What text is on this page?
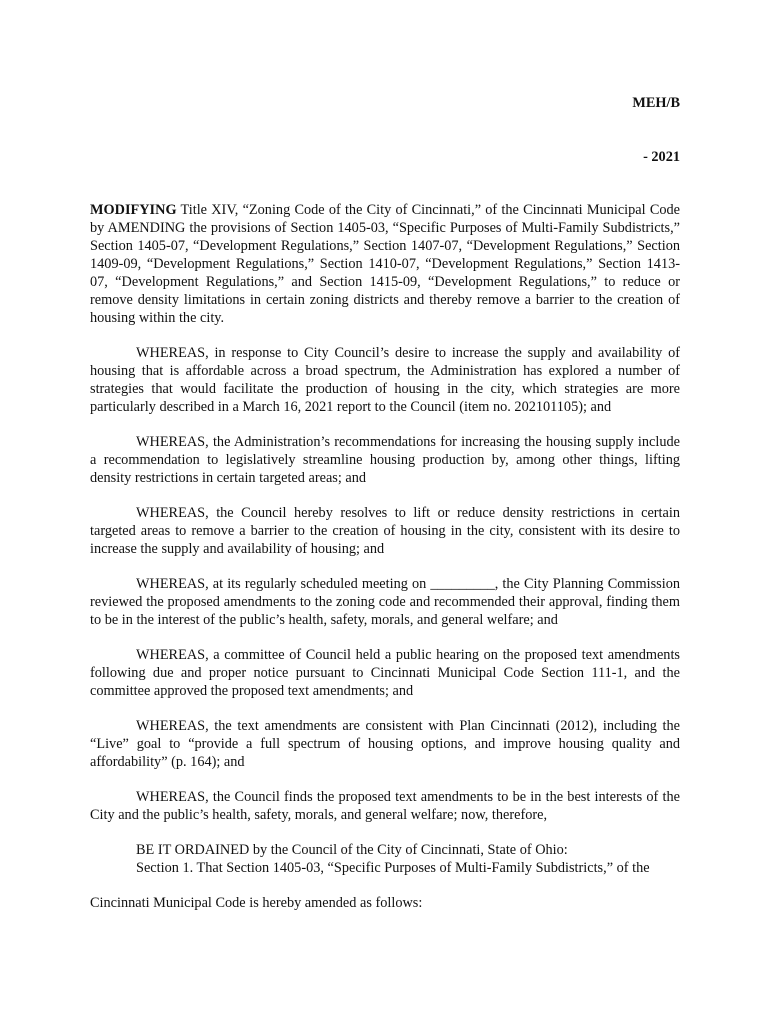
MEH/B
- 2021

MODIFYING Title XIV, “Zoning Code of the City of Cincinnati,” of the Cincinnati Municipal Code by AMENDING the provisions of Section 1405-03, “Specific Purposes of Multi-Family Subdistricts,” Section 1405-07, “Development Regulations,” Section 1407-07, “Development Regulations,” Section 1409-09, “Development Regulations,” Section 1410-07, “Development Regulations,” Section 1413-07, “Development Regulations,” and Section 1415-09, “Development Regulations,” to reduce or remove density limitations in certain zoning districts and thereby remove a barrier to the creation of housing within the city.

WHEREAS, in response to City Council’s desire to increase the supply and availability of housing that is affordable across a broad spectrum, the Administration has explored a number of strategies that would facilitate the production of housing in the city, which strategies are more particularly described in a March 16, 2021 report to the Council (item no. 202101105); and

WHEREAS, the Administration’s recommendations for increasing the housing supply include a recommendation to legislatively streamline housing production by, among other things, lifting density restrictions in certain targeted areas; and

WHEREAS, the Council hereby resolves to lift or reduce density restrictions in certain targeted areas to remove a barrier to the creation of housing in the city, consistent with its desire to increase the supply and availability of housing; and

WHEREAS, at its regularly scheduled meeting on _________, the City Planning Commission reviewed the proposed amendments to the zoning code and recommended their approval, finding them to be in the interest of the public’s health, safety, morals, and general welfare; and

WHEREAS, a committee of Council held a public hearing on the proposed text amendments following due and proper notice pursuant to Cincinnati Municipal Code Section 111-1, and the committee approved the proposed text amendments; and

WHEREAS, the text amendments are consistent with Plan Cincinnati (2012), including the “Live” goal to “provide a full spectrum of housing options, and improve housing quality and affordability” (p. 164); and

WHEREAS, the Council finds the proposed text amendments to be in the best interests of the City and the public’s health, safety, morals, and general welfare; now, therefore,

BE IT ORDAINED by the Council of the City of Cincinnati, State of Ohio:

Section 1. That Section 1405-03, “Specific Purposes of Multi-Family Subdistricts,” of the

Cincinnati Municipal Code is hereby amended as follows:
